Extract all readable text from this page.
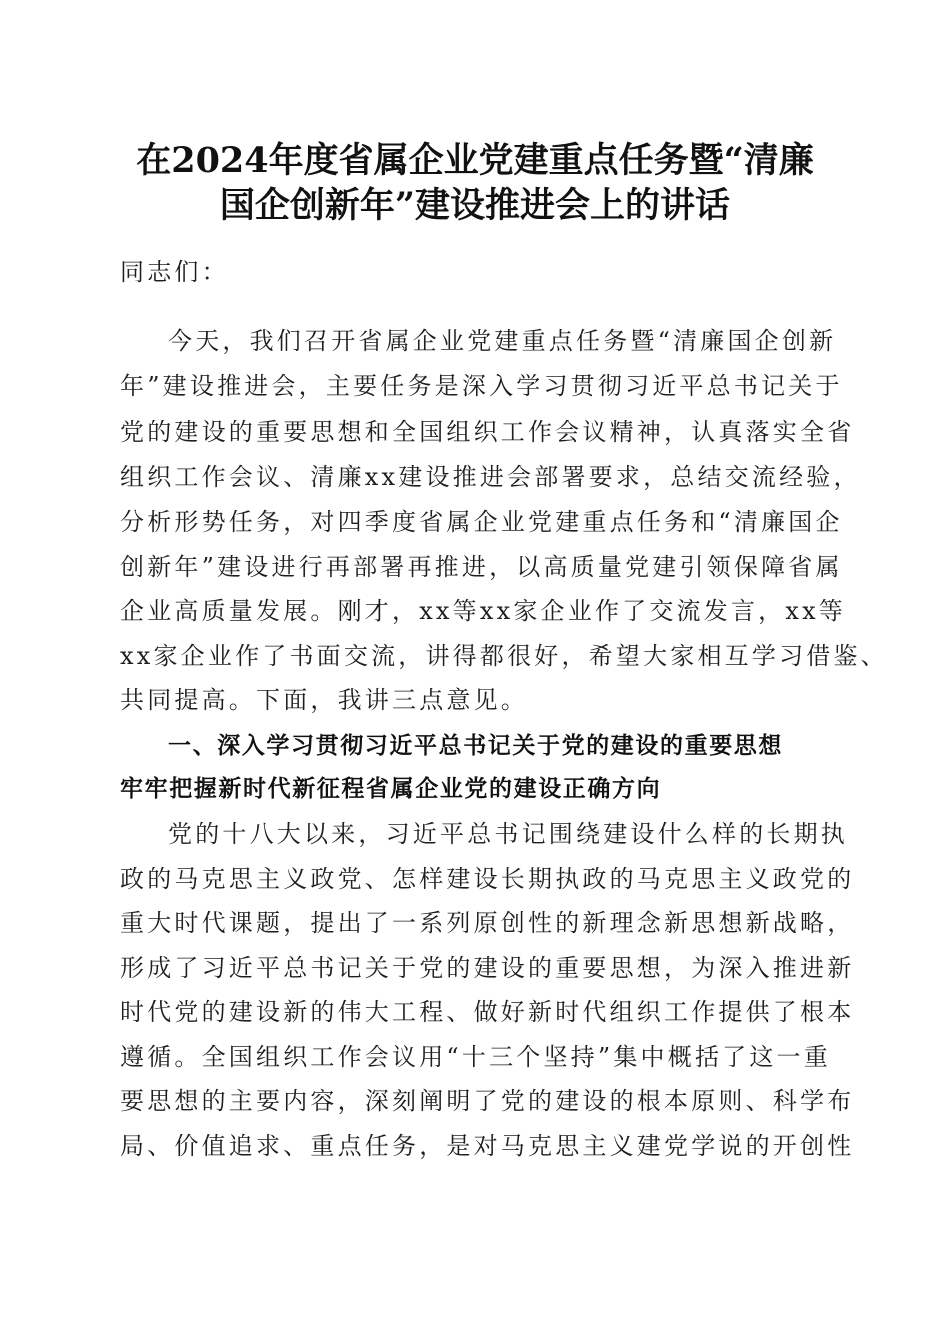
在2024年度省属企业党建重点任务暨“清廉
国企创新年”建设推进会上的讲话
同志们：
今天，我们召开省属企业党建重点任务暨“清廉国企创新
年”建设推进会，主要任务是深入学习贯彻习近平总书记关于
党的建设的重要思想和全国组织工作会议精神，认真落实全省
组织工作会议、清廉xx建设推进会部署要求，总结交流经验，
分析形势任务，对四季度省属企业党建重点任务和“清廉国企
创新年”建设进行再部署再推进，以高质量党建引领保障省属
企业高质量发展。刚才，xx等xx家企业作了交流发言，xx等
xx家企业作了书面交流，讲得都很好，希望大家相互学习借鉴、
共同提高。下面，我讲三点意见。
一、深入学习贯彻习近平总书记关于党的建设的重要思想
牢牢把握新时代新征程省属企业党的建设正确方向
党的十八大以来，习近平总书记围绕建设什么样的长期执
政的马克思主义政党、怎样建设长期执政的马克思主义政党的
重大时代课题，提出了一系列原创性的新理念新思想新战略，
形成了习近平总书记关于党的建设的重要思想，为深入推进新
时代党的建设新的伟大工程、做好新时代组织工作提供了根本
遵循。全国组织工作会议用“十三个坚持”集中概括了这一重
要思想的主要内容，深刻阐明了党的建设的根本原则、科学布
局、价值追求、重点任务，是对马克思主义建党学说的开创性
